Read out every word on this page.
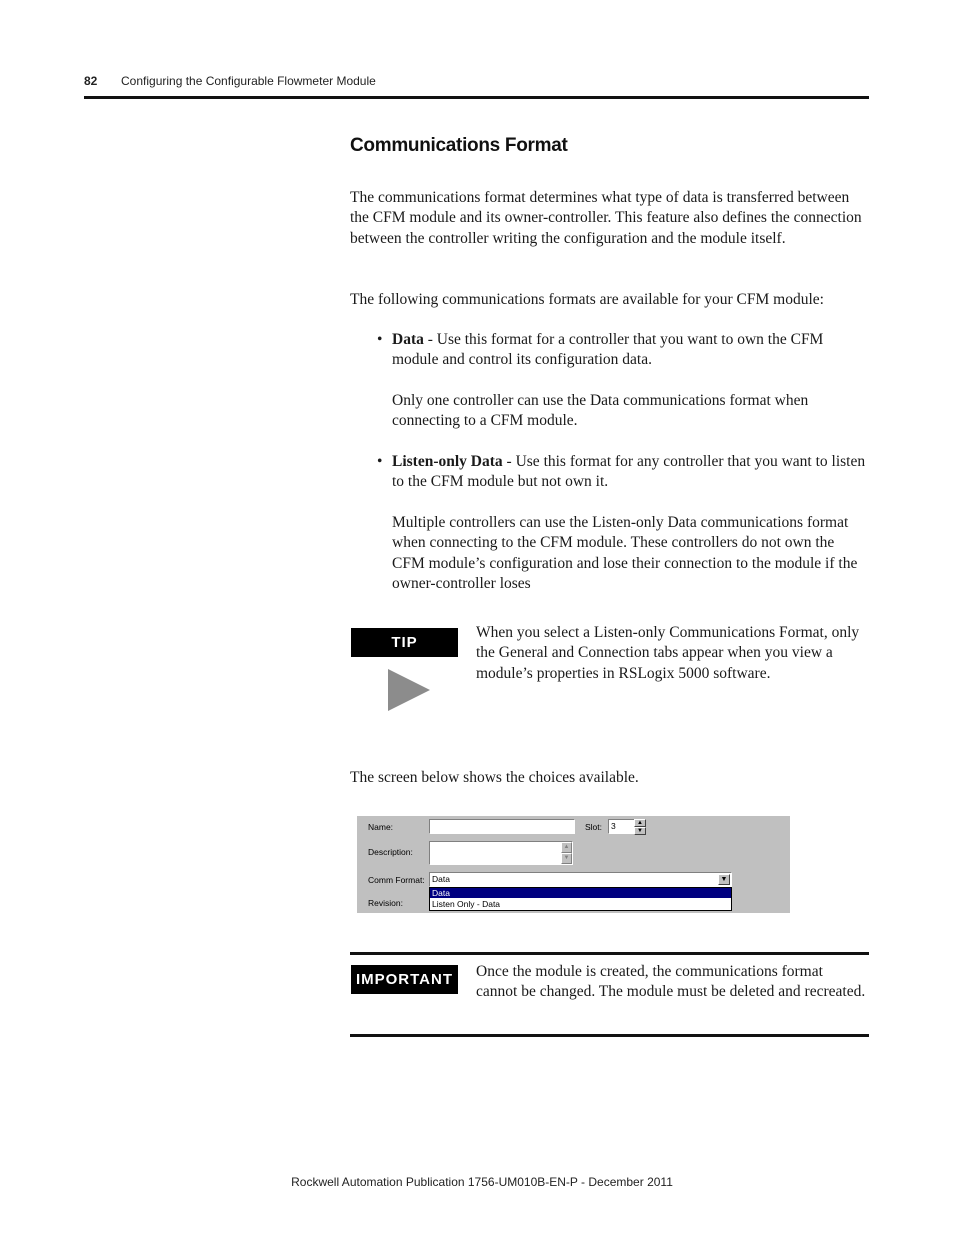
82 Configuring the Configurable Flowmeter Module
Communications Format
The communications format determines what type of data is transferred between the CFM module and its owner-controller. This feature also defines the connection between the controller writing the configuration and the module itself.
The following communications formats are available for your CFM module:
• Data - Use this format for a controller that you want to own the CFM module and control its configuration data.
Only one controller can use the Data communications format when connecting to a CFM module.
• Listen-only Data - Use this format for any controller that you want to listen to the CFM module but not own it.
Multiple controllers can use the Listen-only Data communications format when connecting to the CFM module. These controllers do not own the CFM module’s configuration and lose their connection to the module if the owner-controller loses
TIP
When you select a Listen-only Communications Format, only the General and Connection tabs appear when you view a module’s properties in RSLogix 5000 software.
The screen below shows the choices available.
Name:	Slot:	3	▲
▼
Description:	▲
▼
Comm Format: Data	▼
Revision:
Data
Listen Only - Data
IMPORTANT	Once the module is created, the communications format cannot be changed. The module must be deleted and recreated.
Rockwell Automation Publication 1756-UM010B-EN-P - December 2011
